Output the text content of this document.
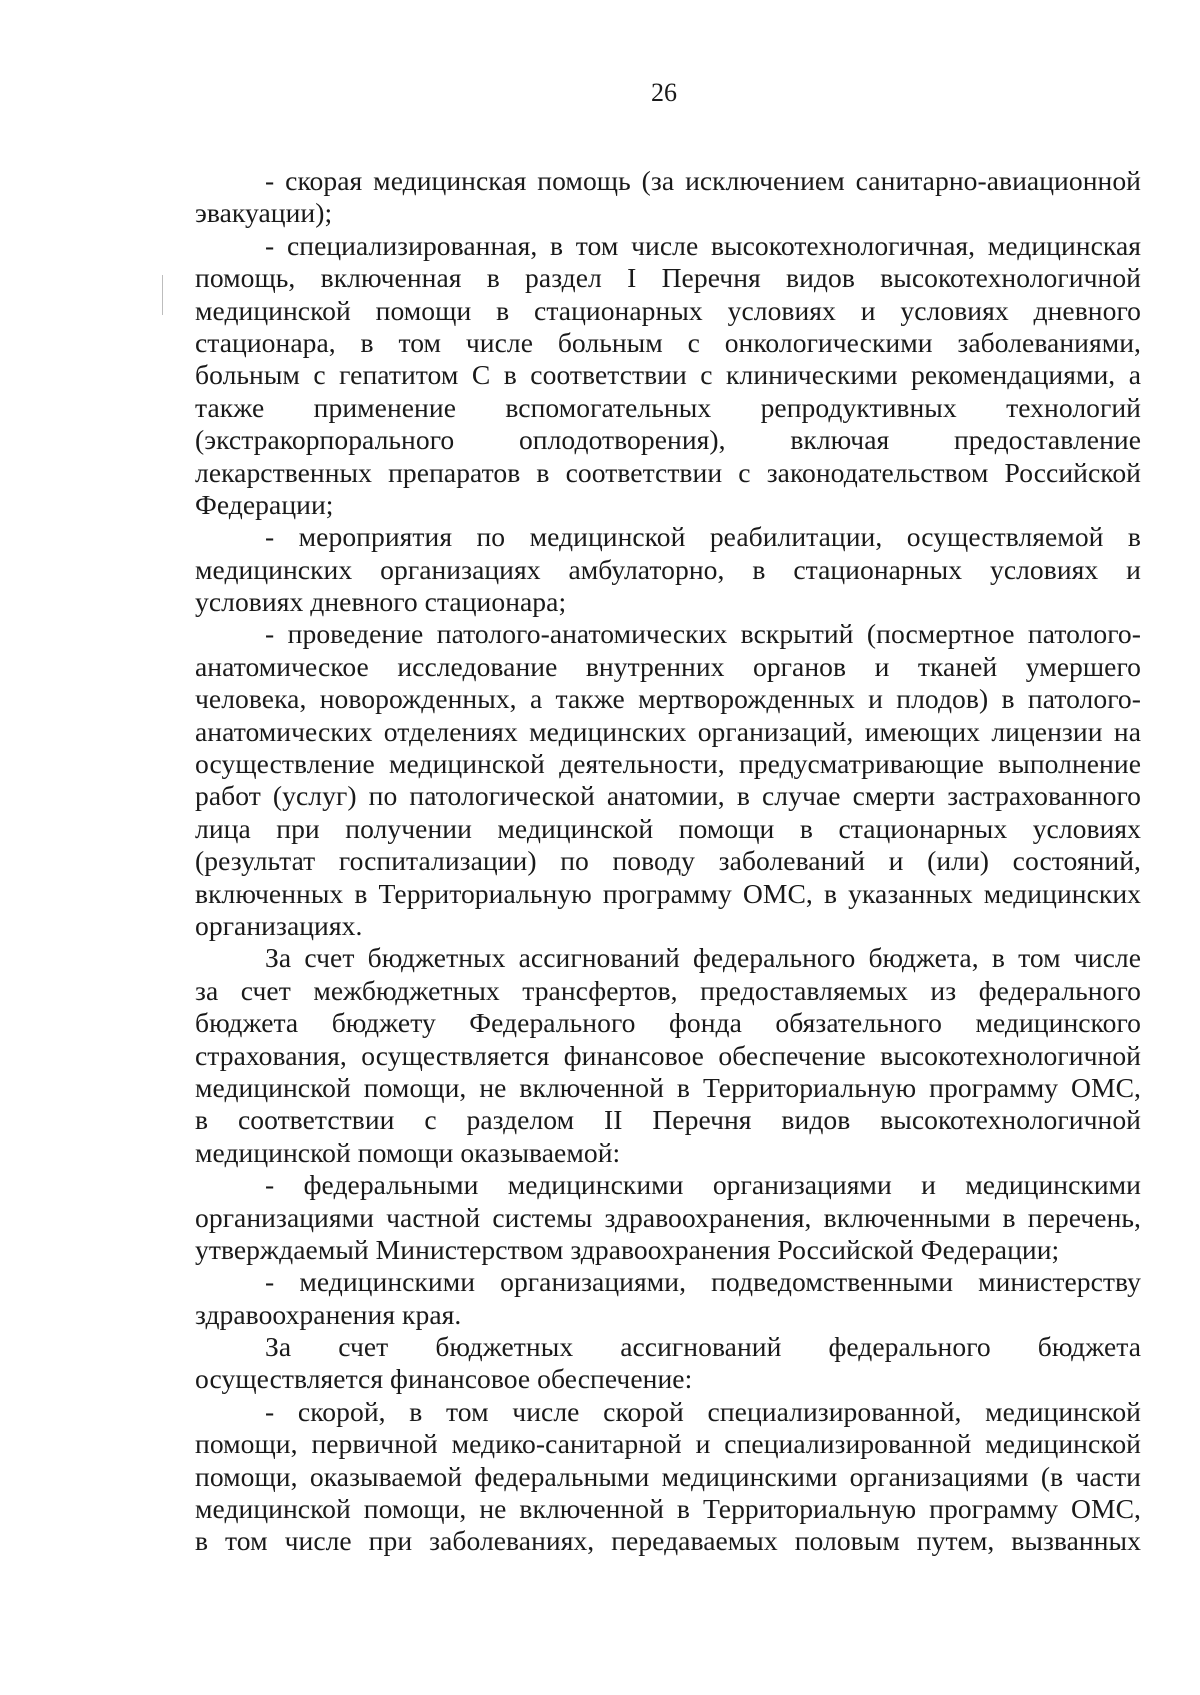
26
- скорая медицинская помощь (за исключением санитарно-авиационной
эвакуации);
- специализированная, в том числе высокотехнологичная, медицинская
помощь, включенная в раздел I Перечня видов высокотехнологичной
медицинской помощи в стационарных условиях и условиях дневного
стационара, в том числе больным с онкологическими заболеваниями,
больным с гепатитом С в соответствии с клиническими рекомендациями, а
также применение вспомогательных репродуктивных технологий
(экстракорпорального оплодотворения), включая предоставление
лекарственных препаратов в соответствии с законодательством Российской
Федерации;
- мероприятия по медицинской реабилитации, осуществляемой в
медицинских организациях амбулаторно, в стационарных условиях и
условиях дневного стационара;
- проведение патолого-анатомических вскрытий (посмертное патолого-
анатомическое исследование внутренних органов и тканей умершего
человека, новорожденных, а также мертворожденных и плодов) в патолого-
анатомических отделениях медицинских организаций, имеющих лицензии на
осуществление медицинской деятельности, предусматривающие выполнение
работ (услуг) по патологической анатомии, в случае смерти застрахованного
лица при получении медицинской помощи в стационарных условиях
(результат госпитализации) по поводу заболеваний и (или) состояний,
включенных в Территориальную программу ОМС, в указанных медицинских
организациях.
За счет бюджетных ассигнований федерального бюджета, в том числе
за счет межбюджетных трансфертов, предоставляемых из федерального
бюджета бюджету Федерального фонда обязательного медицинского
страхования, осуществляется финансовое обеспечение высокотехнологичной
медицинской помощи, не включенной в Территориальную программу ОМС,
в соответствии с разделом II Перечня видов высокотехнологичной
медицинской помощи оказываемой:
- федеральными медицинскими организациями и медицинскими
организациями частной системы здравоохранения, включенными в перечень,
утверждаемый Министерством здравоохранения Российской Федерации;
- медицинскими организациями, подведомственными министерству
здравоохранения края.
За счет бюджетных ассигнований федерального бюджета
осуществляется финансовое обеспечение:
- скорой, в том числе скорой специализированной, медицинской
помощи, первичной медико-санитарной и специализированной медицинской
помощи, оказываемой федеральными медицинскими организациями (в части
медицинской помощи, не включенной в Территориальную программу ОМС,
в том числе при заболеваниях, передаваемых половым путем, вызванных
